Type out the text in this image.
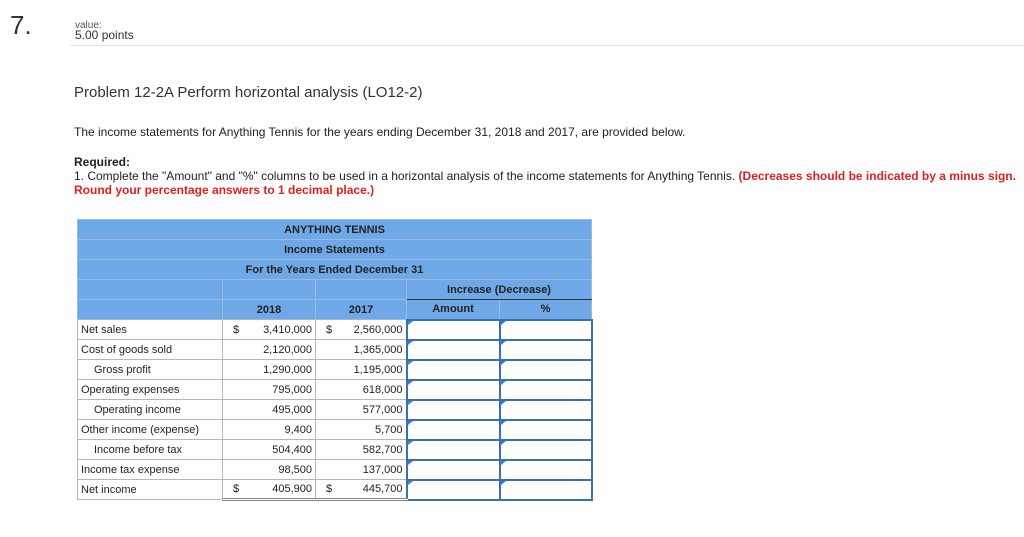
7.	value:
5.00 points
Problem 12-2A Perform horizontal analysis (LO12-2)
The income statements for Anything Tennis for the years ending December 31, 2018 and 2017, are provided below.
Required:
1. Complete the "Amount" and "%" columns to be used in a horizontal analysis of the income statements for Anything Tennis. (Decreases should be indicated by a minus sign. Round your percentage answers to 1 decimal place.)
ANYTHING TENNIS				
Income Statements				
For the Years Ended December 31				
			Increase (Decrease)	
	2018	2017	Amount	%
Net sales	$ 3,410,000	$ 2,560,000		
Cost of goods sold	2,120,000	1,365,000		
Gross profit	1,290,000	1,195,000		
Operating expenses	795,000	618,000		
Operating income	495,000	577,000		
Other income (expense)	9,400	5,700		
Income before tax	504,400	582,700		
Income tax expense	98,500	137,000		
Net income	$ 405,900	$ 445,700		
